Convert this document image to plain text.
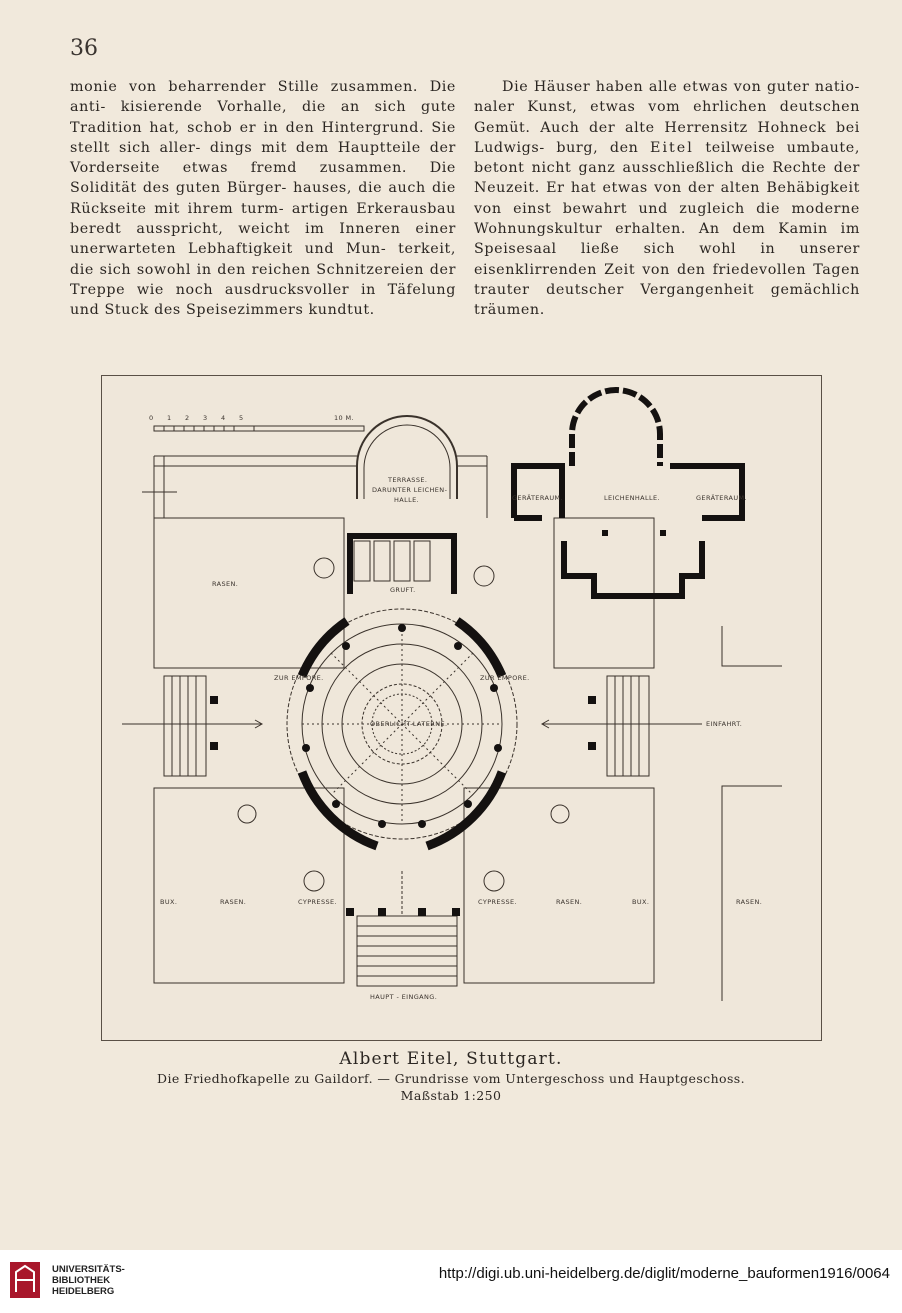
36

monie von beharrender Stille zusammen. Die anti- kisierende Vorhalle, die an sich gute Tradition hat, schob er in den Hintergrund. Sie stellt sich aller- dings mit dem Hauptteile der Vorderseite etwas fremd zusammen. Die Solidität des guten Bürger- hauses, die auch die Rückseite mit ihrem turm- artigen Erkerausbau beredt ausspricht, weicht im Inneren einer unerwarteten Lebhaftigkeit und Mun- terkeit, die sich sowohl in den reichen Schnitzereien der Treppe wie noch ausdrucksvoller in Täfelung und Stuck des Speisezimmers kundtut.

Die Häuser haben alle etwas von guter natio- naler Kunst, etwas vom ehrlichen deutschen Gemüt. Auch der alte Herrensitz Hohneck bei Ludwigs- burg, den Eitel teilweise umbaute, betont nicht ganz ausschließlich die Rechte der Neuzeit. Er hat etwas von der alten Behäbigkeit von einst bewahrt und zugleich die moderne Wohnungskultur erhalten. An dem Kamin im Speisesaal ließe sich wohl in unserer eisenklirrenden Zeit von den friedevollen Tagen trauter deutscher Vergangenheit gemächlich träumen.

0 1 2 3 4 5	10 M.
TERRASSE.
DARUNTER LEICHEN-
HALLE.
GRUFT.
RASEN.
ZUR EMPORE.	ZUR EMPORE.
OBERLICHT-LATERNE.	EINFAHRT.
BUX.	RASEN.	CYPRESSE.	CYPRESSE.	RASEN.	BUX.	RASEN.
HAUPT - EINGANG.
GERÄTERAUM.	LEICHENHALLE.	GERÄTERAUM.
Albert Eitel, Stuttgart.
Die Friedhofkapelle zu Gaildorf. — Grundrisse vom Untergeschoss und Hauptgeschoss.
Maßstab 1:250
UNIVERSITÄTS-
BIBLIOTHEK
HEIDELBERG
http://digi.ub.uni-heidelberg.de/diglit/moderne_bauformen1916/0064
